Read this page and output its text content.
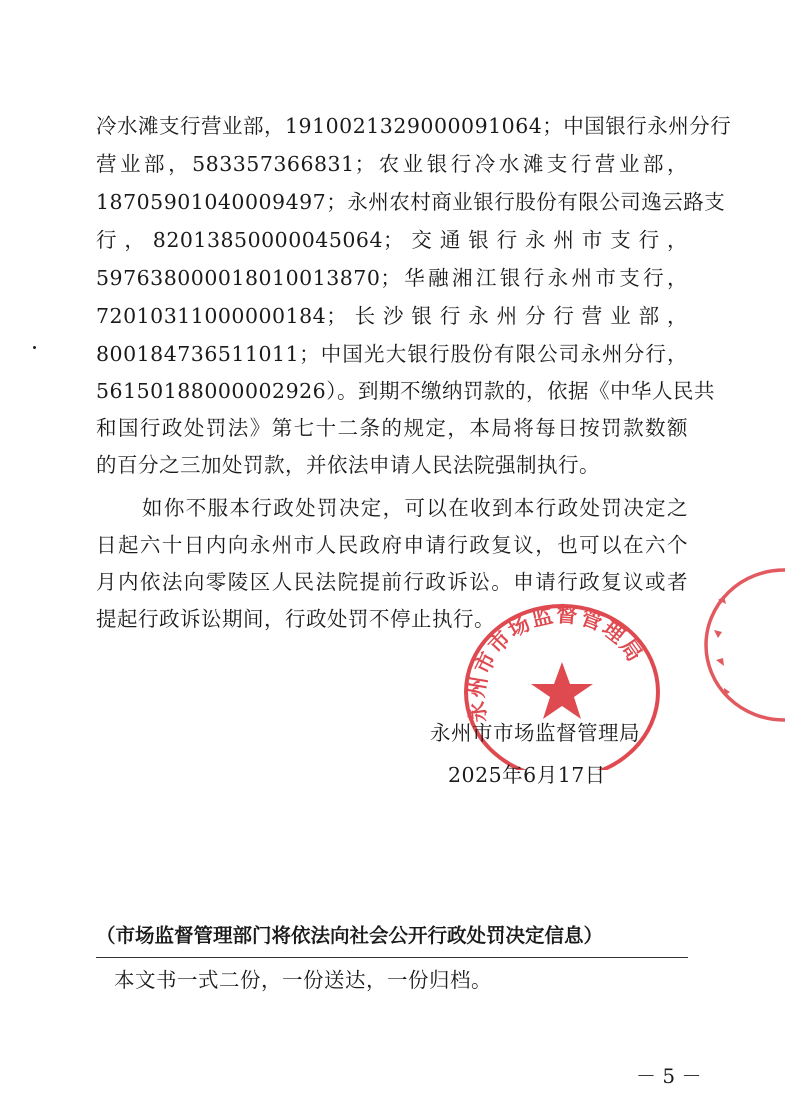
冷水滩支行营业部，191002132900009​1064；中国银行永州分行
营业部，583357366831；农业银行冷水滩支行营业部，
18705901040009497；永州农村商业银行股份有限公司逸云路支
行，82013850000045064；交通银行永州市支行，
597638000018010013870；华融湘江银行永州市支行，
72010311000000184；长沙银行永州分行营业部，
800184736511011；中国光大银行股份有限公司永州分行，
56150188000002926）。到期不缴纳罚款的，依据《中华人民共
和国行政处罚法》第七十二条的规定，本局将每日按罚款数额
的百分之三加处罚款，并依法申请人民法院强制执行。
如你不服本行政处罚决定，可以在收到本行政处罚决定之
日起六十日内向永州市人民政府申请行政复议，也可以在六个
月内依法向零陵区人民法院提前行政诉讼。申请行政复议或者
提起行政诉讼期间，行政处罚不停止执行。
永州市市场监督管理局
永州市市场监督管理局
2025年6月17日
（市场监督管理部门将依法向社会公开行政处罚决定信息）
本文书一式二份，一份送达，一份归档。
－ 5 －
